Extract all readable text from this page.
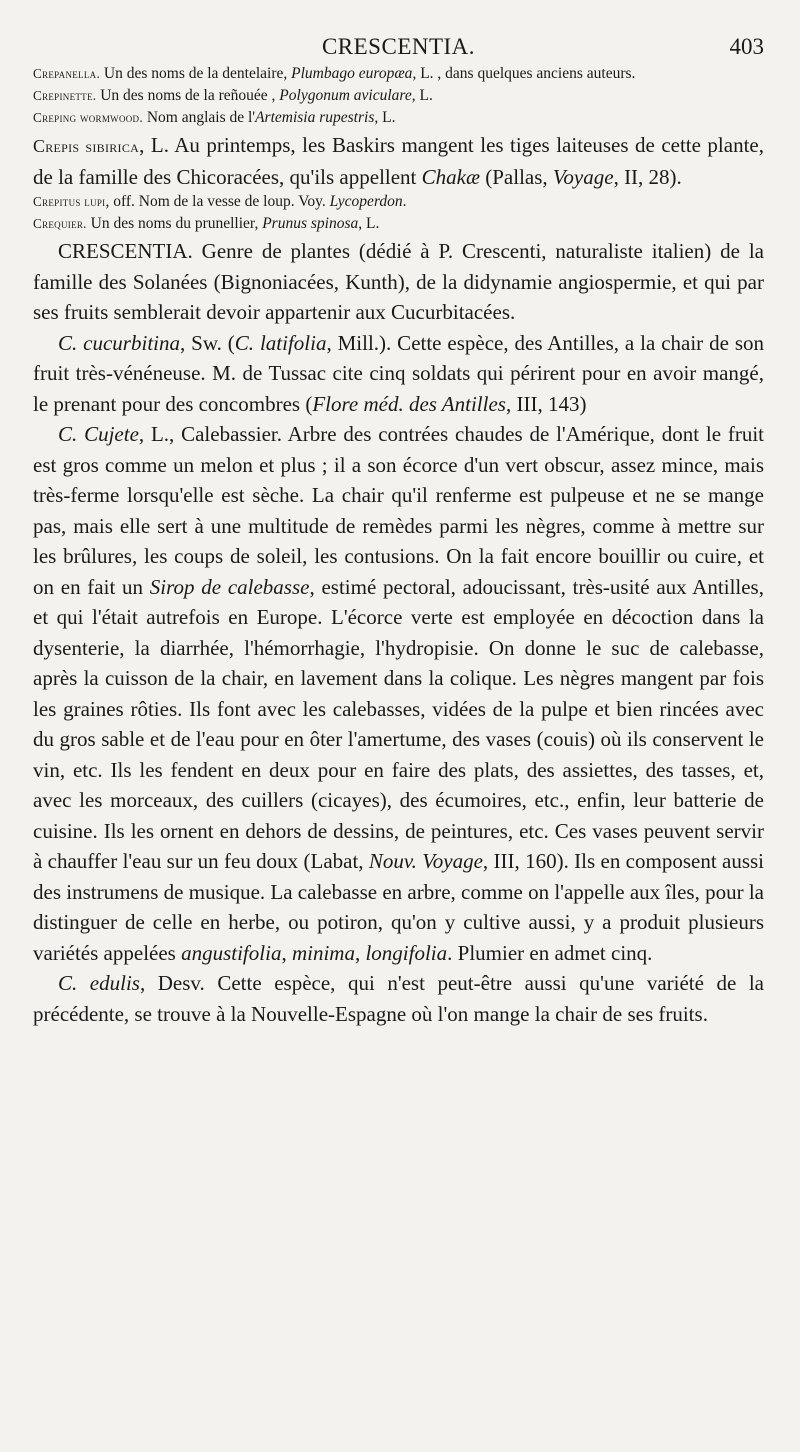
CRESCENTIA.	403

Crepanella. Un des noms de la dentelaire, Plumbago europæa, L. , dans quelques anciens auteurs.

Crepinette. Un des noms de la reñouée , Polygonum aviculare, L.

Creping wormwood. Nom anglais de l'Artemisia rupestris, L.

Crepis sibirica, L. Au printemps, les Baskirs mangent les tiges laiteuses de cette plante, de la famille des Chicoracées, qu'ils appellent Chakæ (Pallas, Voyage, II, 28).

Crepitus lupi, off. Nom de la vesse de loup. Voy. Lycoperdon.

Crequier. Un des noms du prunellier, Prunus spinosa, L.

CRESCENTIA. Genre de plantes (dédié à P. Crescenti, naturaliste italien) de la famille des Solanées (Bignoniacées, Kunth), de la didynamie angiospermie, et qui par ses fruits semblerait devoir appartenir aux Cucurbitacées.

C. cucurbitina, Sw. (C. latifolia, Mill.). Cette espèce, des Antilles, a la chair de son fruit très-vénéneuse. M. de Tussac cite cinq soldats qui périrent pour en avoir mangé, le prenant pour des concombres (Flore méd. des Antilles, III, 143)

C. Cujete, L., Calebassier. Arbre des contrées chaudes de l'Amérique, dont le fruit est gros comme un melon et plus ; il a son écorce d'un vert obscur, assez mince, mais très-ferme lorsqu'elle est sèche. La chair qu'il renferme est pulpeuse et ne se mange pas, mais elle sert à une multitude de remèdes parmi les nègres, comme à mettre sur les brûlures, les coups de soleil, les contusions. On la fait encore bouillir ou cuire, et on en fait un Sirop de calebasse, estimé pectoral, adoucissant, très-usité aux Antilles, et qui l'était autrefois en Europe. L'écorce verte est employée en décoction dans la dysenterie, la diarrhée, l'hémorrhagie, l'hydropisie. On donne le suc de calebasse, après la cuisson de la chair, en lavement dans la colique. Les nègres mangent par fois les graines rôties. Ils font avec les calebasses, vidées de la pulpe et bien rincées avec du gros sable et de l'eau pour en ôter l'amertume, des vases (couis) où ils conservent le vin, etc. Ils les fendent en deux pour en faire des plats, des assiettes, des tasses, et, avec les morceaux, des cuillers (cicayes), des écumoires, etc., enfin, leur batterie de cuisine. Ils les ornent en dehors de dessins, de peintures, etc. Ces vases peuvent servir à chauffer l'eau sur un feu doux (Labat, Nouv. Voyage, III, 160). Ils en composent aussi des instrumens de musique. La calebasse en arbre, comme on l'appelle aux îles, pour la distinguer de celle en herbe, ou potiron, qu'on y cultive aussi, y a produit plusieurs variétés appelées angustifolia, minima, longifolia. Plumier en admet cinq.

C. edulis, Desv. Cette espèce, qui n'est peut-être aussi qu'une variété de la précédente, se trouve à la Nouvelle-Espagne où l'on mange la chair de ses fruits.
